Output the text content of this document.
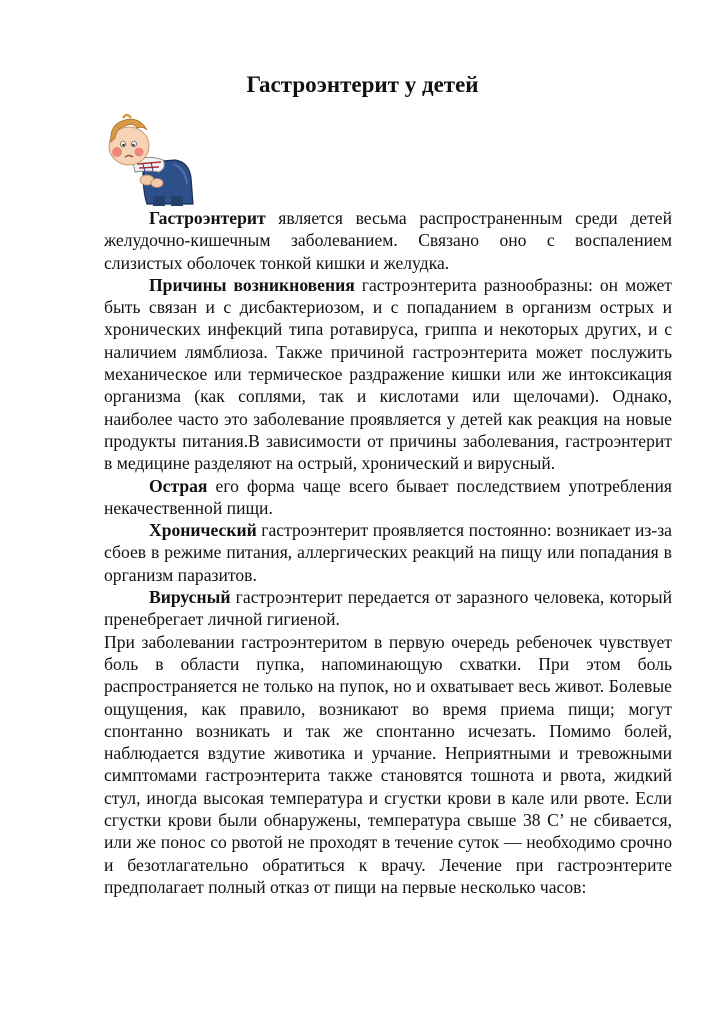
Гастроэнтерит у детей

Гастроэнтерит является весьма распространенным среди детей желудочно-кишечным заболеванием. Связано оно с воспалением слизистых оболочек тонкой кишки и желудка.

Причины возникновения гастроэнтерита разнообразны: он может быть связан и с дисбактериозом, и с попаданием в организм острых и хронических инфекций типа ротавируса, гриппа и некоторых других, и с наличием лямблиоза. Также причиной гастроэнтерита может послужить механическое или термическое раздражение кишки или же интоксикация организма (как соплями, так и кислотами или щелочами). Однако, наиболее часто это заболевание проявляется у детей как реакция на новые продукты питания.В зависимости от причины заболевания, гастроэнтерит в медицине разделяют на острый, хронический и вирусный.

Острая его форма чаще всего бывает последствием употребления некачественной пищи.

Хронический гастроэнтерит проявляется постоянно: возникает из-за сбоев в режиме питания, аллергических реакций на пищу или попадания в организм паразитов.

Вирусный гастроэнтерит передается от заразного человека, который пренебрегает личной гигиеной.

При заболевании гастроэнтеритом в первую очередь ребеночек чувствует боль в области пупка, напоминающую схватки. При этом боль распространяется не только на пупок, но и охватывает весь живот. Болевые ощущения, как правило, возникают во время приема пищи; могут спонтанно возникать и так же спонтанно исчезать. Помимо болей, наблюдается вздутие животика и урчание. Неприятными и тревожными симптомами гастроэнтерита также становятся тошнота и рвота, жидкий стул, иногда высокая температура и сгустки крови в кале или рвоте. Если сгустки крови были обнаружены, температура свыше 38 С’ не сбивается, или же понос со рвотой не проходят в течение суток — необходимо срочно и безотлагательно обратиться к врачу. Лечение при гастроэнтерите предполагает полный отказ от пищи на первые несколько часов:
